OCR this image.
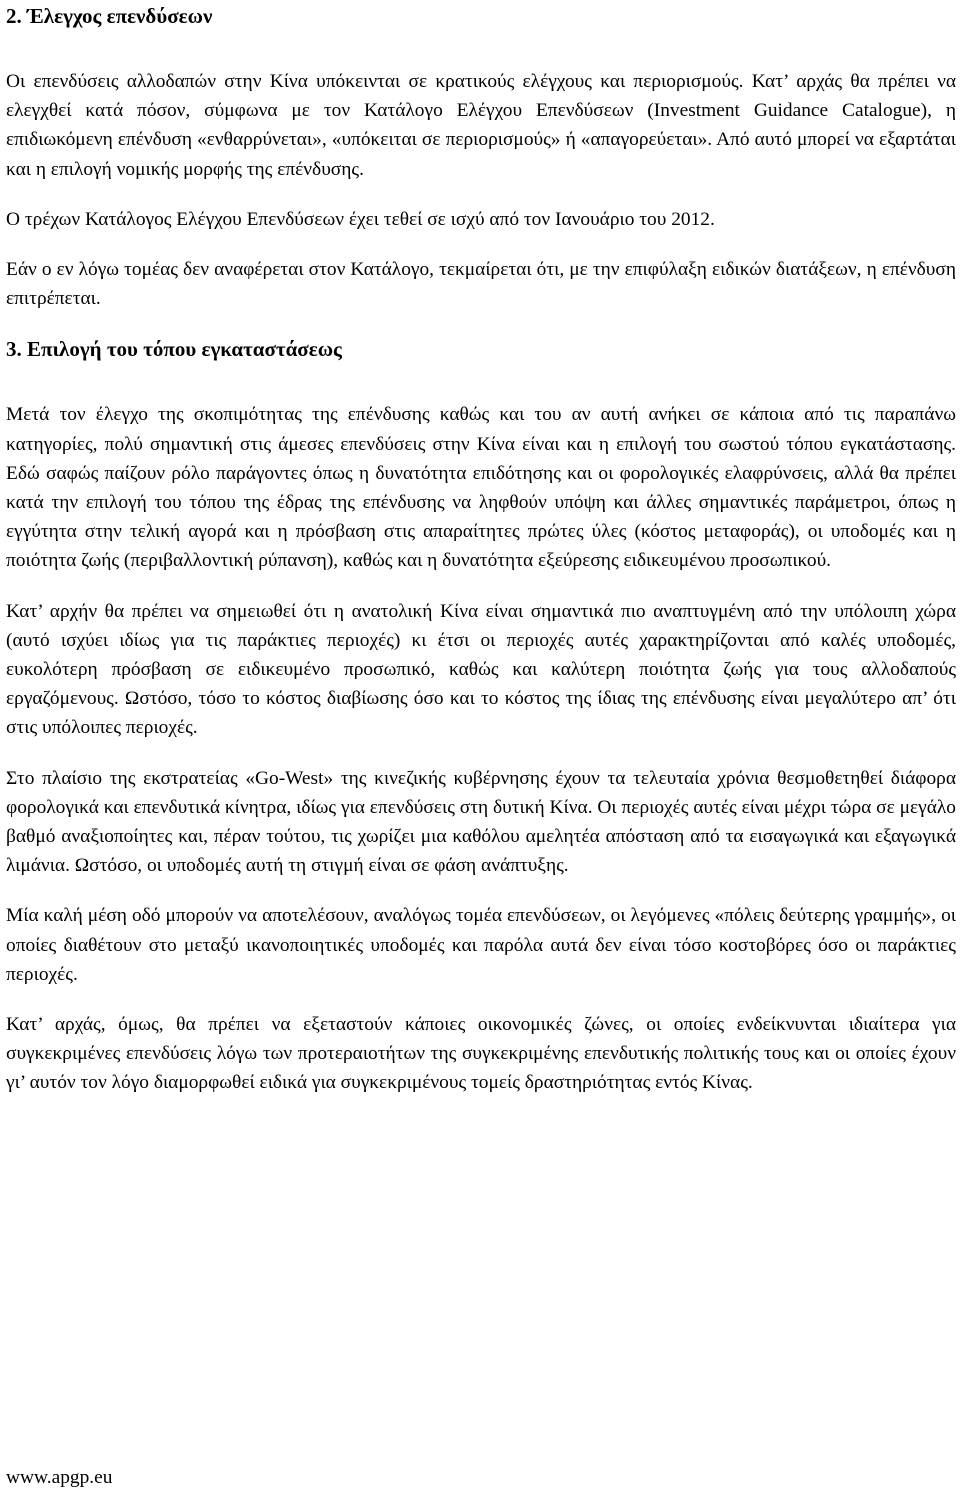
2. Έλεγχος επενδύσεων

Οι επενδύσεις αλλοδαπών στην Κίνα υπόκεινται σε κρατικούς ελέγχους και περιορισμούς. Κατ’ αρχάς θα πρέπει να ελεγχθεί κατά πόσον, σύμφωνα με τον Κατάλογο Ελέγχου Επενδύσεων (Investment Guidance Catalogue), η επιδιωκόμενη επένδυση «ενθαρρύνεται», «υπόκειται σε περιορισμούς» ή «απαγορεύεται». Από αυτό μπορεί να εξαρτάται και η επιλογή νομικής μορφής της επένδυσης.

Ο τρέχων Κατάλογος Ελέγχου Επενδύσεων έχει τεθεί σε ισχύ από τον Ιανουάριο του 2012.

Εάν ο εν λόγω τομέας δεν αναφέρεται στον Κατάλογο, τεκμαίρεται ότι, με την επιφύλαξη ειδικών διατάξεων, η επένδυση επιτρέπεται.

3. Επιλογή του τόπου εγκαταστάσεως

Μετά τον έλεγχο της σκοπιμότητας της επένδυσης καθώς και του αν αυτή ανήκει σε κάποια από τις παραπάνω κατηγορίες, πολύ σημαντική στις άμεσες επενδύσεις στην Κίνα είναι και η επιλογή του σωστού τόπου εγκατάστασης. Εδώ σαφώς παίζουν ρόλο παράγοντες όπως η δυνατότητα επιδότησης και οι φορολογικές ελαφρύνσεις, αλλά θα πρέπει κατά την επιλογή του τόπου της έδρας της επένδυσης να ληφθούν υπόψη και άλλες σημαντικές παράμετροι, όπως η εγγύτητα στην τελική αγορά και η πρόσβαση στις απαραίτητες πρώτες ύλες (κόστος μεταφοράς), οι υποδομές και η ποιότητα ζωής (περιβαλλοντική ρύπανση), καθώς και η δυνατότητα εξεύρεσης ειδικευμένου προσωπικού.

Κατ’ αρχήν θα πρέπει να σημειωθεί ότι η ανατολική Κίνα είναι σημαντικά πιο αναπτυγμένη από την υπόλοιπη χώρα (αυτό ισχύει ιδίως για τις παράκτιες περιοχές) κι έτσι οι περιοχές αυτές χαρακτηρίζονται από καλές υποδομές, ευκολότερη πρόσβαση σε ειδικευμένο προσωπικό, καθώς και καλύτερη ποιότητα ζωής για τους αλλοδαπούς εργαζόμενους. Ωστόσο, τόσο το κόστος διαβίωσης όσο και το κόστος της ίδιας της επένδυσης είναι μεγαλύτερο απ’ ότι στις υπόλοιπες περιοχές.

Στο πλαίσιο της εκστρατείας «Go-West» της κινεζικής κυβέρνησης έχουν τα τελευταία χρόνια θεσμοθετηθεί διάφορα φορολογικά και επενδυτικά κίνητρα, ιδίως για επενδύσεις στη δυτική Κίνα. Οι περιοχές αυτές είναι μέχρι τώρα σε μεγάλο βαθμό αναξιοποίητες και, πέραν τούτου, τις χωρίζει μια καθόλου αμελητέα απόσταση από τα εισαγωγικά και εξαγωγικά λιμάνια. Ωστόσο, οι υποδομές αυτή τη στιγμή είναι σε φάση ανάπτυξης.

Μία καλή μέση οδό μπορούν να αποτελέσουν, αναλόγως τομέα επενδύσεων, οι λεγόμενες «πόλεις δεύτερης γραμμής», οι οποίες διαθέτουν στο μεταξύ ικανοποιητικές υποδομές και παρόλα αυτά δεν είναι τόσο κοστοβόρες όσο οι παράκτιες περιοχές.

Κατ’ αρχάς, όμως, θα πρέπει να εξεταστούν κάποιες οικονομικές ζώνες, οι οποίες ενδείκνυνται ιδιαίτερα για συγκεκριμένες επενδύσεις λόγω των προτεραιοτήτων της συγκεκριμένης επενδυτικής πολιτικής τους και οι οποίες έχουν γι’ αυτόν τον λόγο διαμορφωθεί ειδικά για συγκεκριμένους τομείς δραστηριότητας εντός Κίνας.

www.apgp.eu
